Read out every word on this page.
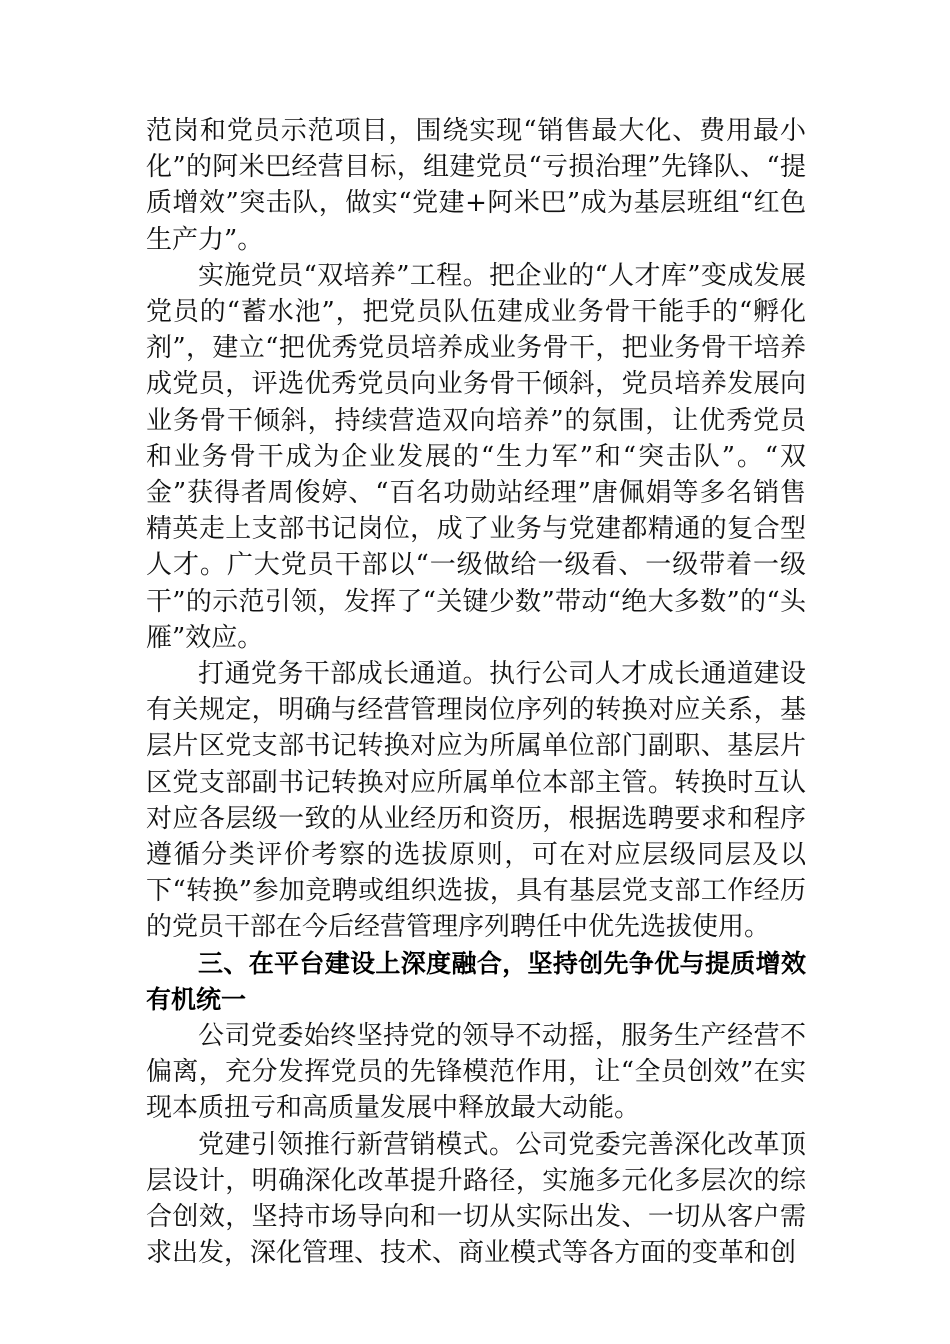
范岗和党员示范项目，围绕实现“销售最大化、费用最小化”的阿米巴经营目标，组建党员“亏损治理”先锋队、“提质增效”突击队，做实“党建+阿米巴”成为基层班组“红色生产力”。

实施党员“双培养”工程。把企业的“人才库”变成发展党员的“蓄水池”，把党员队伍建成业务骨干能手的“孵化剂”，建立“把优秀党员培养成业务骨干，把业务骨干培养成党员，评选优秀党员向业务骨干倾斜，党员培养发展向业务骨干倾斜，持续营造双向培养”的氛围，让优秀党员和业务骨干成为企业发展的“生力军”和“突击队”。“双金”获得者周俊婷、“百名功勋站经理”唐佩娟等多名销售精英走上支部书记岗位，成了业务与党建都精通的复合型人才。广大党员干部以“一级做给一级看、一级带着一级干”的示范引领，发挥了“关键少数”带动“绝大多数”的“头雁”效应。

打通党务干部成长通道。执行公司人才成长通道建设有关规定，明确与经营管理岗位序列的转换对应关系，基层片区党支部书记转换对应为所属单位部门副职、基层片区党支部副书记转换对应所属单位本部主管。转换时互认对应各层级一致的从业经历和资历，根据选聘要求和程序遵循分类评价考察的选拔原则，可在对应层级同层及以下“转换”参加竞聘或组织选拔，具有基层党支部工作经历的党员干部在今后经营管理序列聘任中优先选拔使用。

三、在平台建设上深度融合，坚持创先争优与提质增效有机统一

公司党委始终坚持党的领导不动摇，服务生产经营不偏离，充分发挥党员的先锋模范作用，让“全员创效”在实现本质扭亏和高质量发展中释放最大动能。

党建引领推行新营销模式。公司党委完善深化改革顶层设计，明确深化改革提升路径，实施多元化多层次的综合创效，坚持市场导向和一切从实际出发、一切从客户需求出发，深化管理、技术、商业模式等各方面的变革和创
